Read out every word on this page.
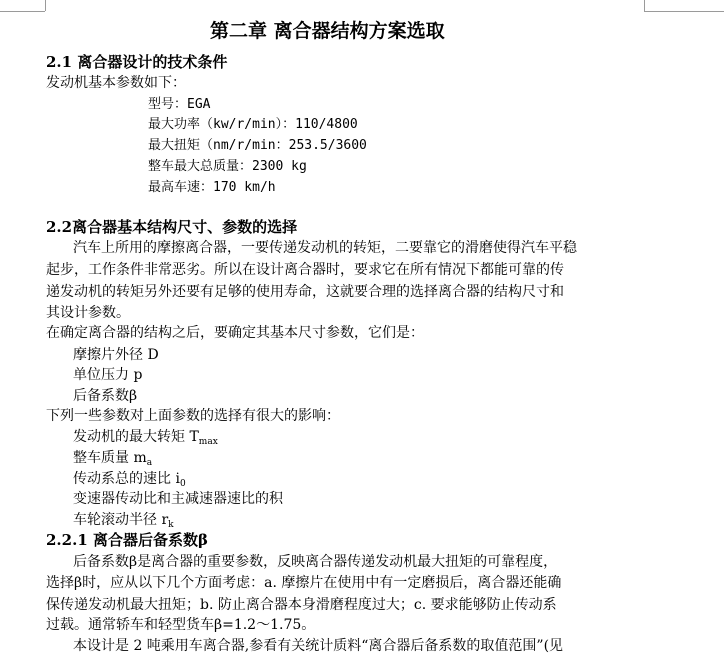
第二章 离合器结构方案选取
2.1 离合器设计的技术条件
发动机基本参数如下：
型号：EGA
最大功率（kw/r/min）：110/4800
最大扭矩（nm/r/min：253.5/3600
整车最大总质量：2300 kg
最高车速：170 km/h
2.2离合器基本结构尺寸、参数的选择
汽车上所用的摩擦离合器，一要传递发动机的转矩，二要靠它的滑磨使得汽车平稳
起步，工作条件非常恶劣。所以在设计离合器时，要求它在所有情况下都能可靠的传
递发动机的转矩另外还要有足够的使用寿命，这就要合理的选择离合器的结构尺寸和
其设计参数。
在确定离合器的结构之后，要确定其基本尺寸参数，它们是：
摩擦片外径 D
单位压力 p
后备系数β
下列一些参数对上面参数的选择有很大的影响：
发动机的最大转矩 $T_{max}$
整车质量 $m_a$
传动系总的速比 $i_0$
变速器传动比和主减速器速比的积
车轮滚动半径 $r_k$
2.2.1 离合器后备系数β
后备系数β是离合器的重要参数，反映离合器传递发动机最大扭矩的可靠程度，
选择β时，应从以下几个方面考虑：a. 摩擦片在使用中有一定磨损后，离合器还能确
保传递发动机最大扭矩；b. 防止离合器本身滑磨程度过大；c. 要求能够防止传动系
过载。通常轿车和轻型货车β=1.2～1.75。
本设计是 2 吨乘用车离合器,参看有关统计质料“离合器后备系数的取值范围”(见
